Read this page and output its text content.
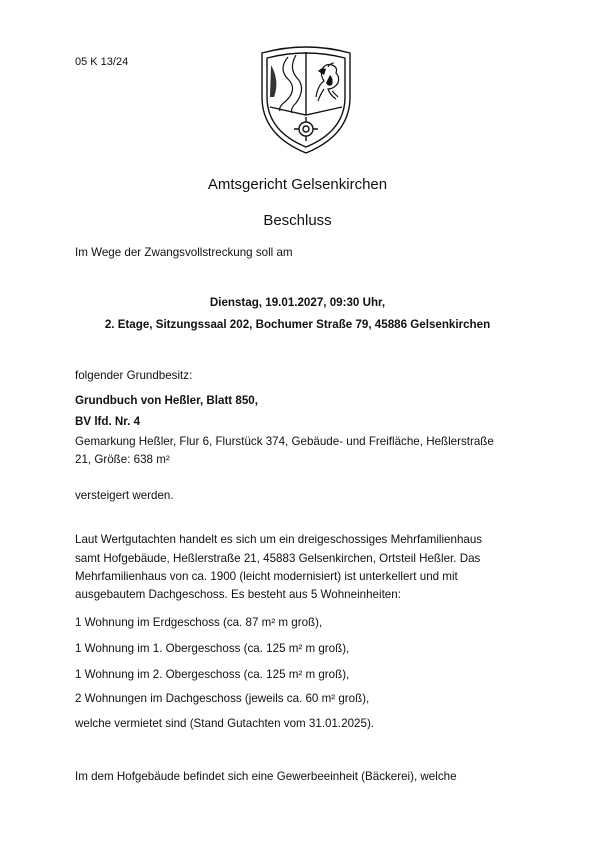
05 K 13/24
Amtsgericht Gelsenkirchen
Beschluss
Im Wege der Zwangsvollstreckung soll am
Dienstag, 19.01.2027, 09:30 Uhr,
2. Etage, Sitzungssaal 202, Bochumer Straße 79, 45886 Gelsenkirchen
folgender Grundbesitz:
Grundbuch von Heßler, Blatt 850,
BV lfd. Nr. 4
Gemarkung Heßler, Flur 6, Flurstück 374, Gebäude- und Freifläche, Heßlerstraße
21, Größe: 638 m²
versteigert werden.
Laut Wertgutachten handelt es sich um ein dreigeschossiges Mehrfamilienhaus
samt Hofgebäude, Heßlerstraße 21, 45883 Gelsenkirchen, Ortsteil Heßler. Das
Mehrfamilienhaus von ca. 1900 (leicht modernisiert) ist unterkellert und mit
ausgebautem Dachgeschoss. Es besteht aus 5 Wohneinheiten:
1 Wohnung im Erdgeschoss (ca. 87 m² m groß),
1 Wohnung im 1. Obergeschoss (ca. 125 m² m groß),
1 Wohnung im 2. Obergeschoss (ca. 125 m² m groß),
2 Wohnungen im Dachgeschoss (jeweils ca. 60 m² groß),
welche vermietet sind (Stand Gutachten vom 31.01.2025).
Im dem Hofgebäude befindet sich eine Gewerbeeinheit (Bäckerei), welche
